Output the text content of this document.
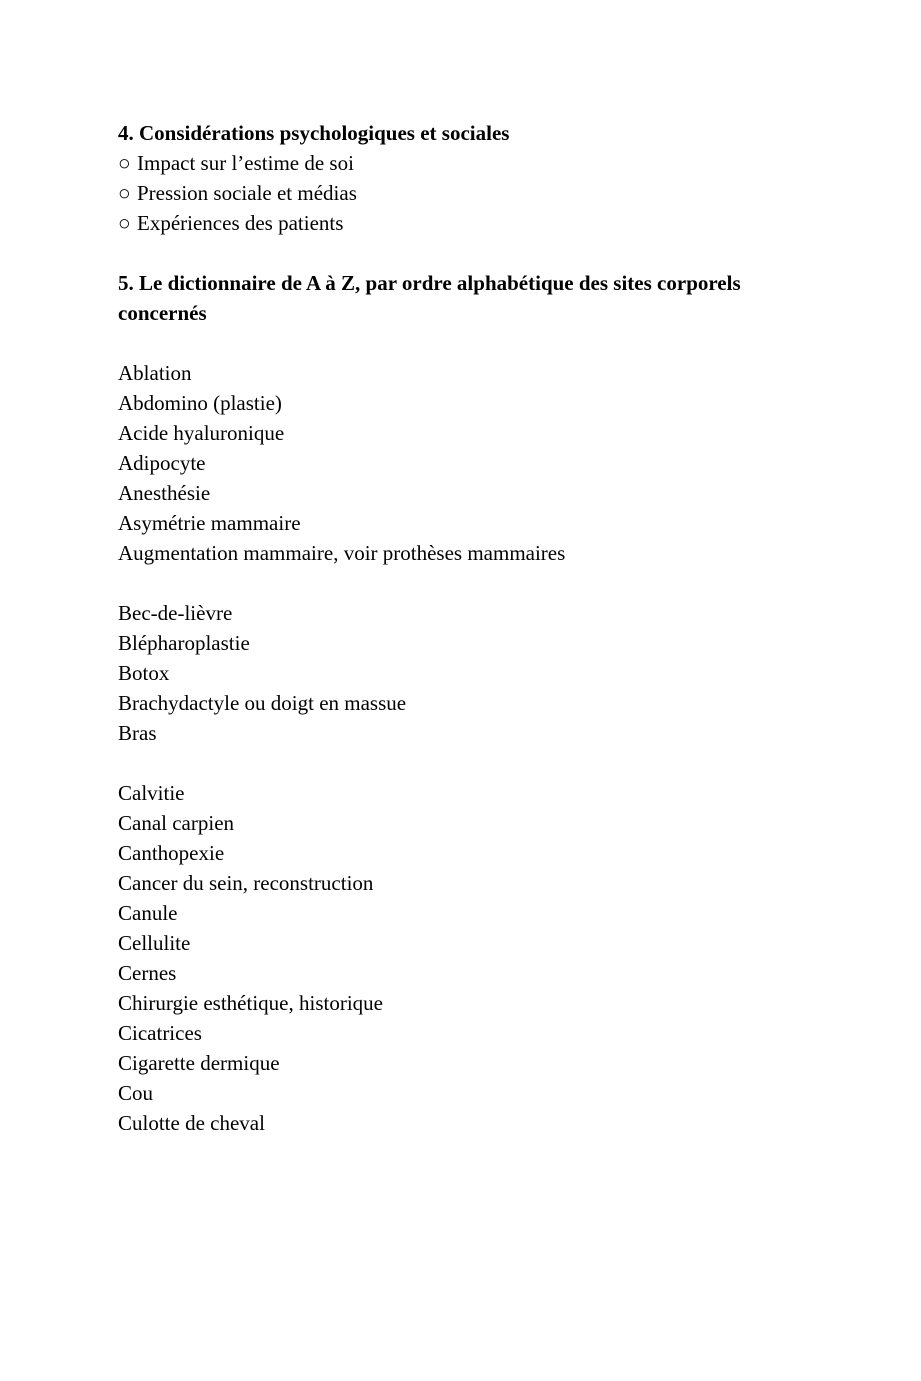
4. Considérations psychologiques et sociales

○ Impact sur l’estime de soi
○ Pression sociale et médias
○ Expériences des patients

5. Le dictionnaire de A à Z, par ordre alphabétique des sites corporels
concernés

Ablation
Abdomino (plastie)
Acide hyaluronique
Adipocyte
Anesthésie
Asymétrie mammaire
Augmentation mammaire, voir prothèses mammaires
Bec-de-lièvre
Blépharoplastie
Botox
Brachydactyle ou doigt en massue
Bras
Calvitie
Canal carpien
Canthopexie
Cancer du sein, reconstruction
Canule
Cellulite
Cernes
Chirurgie esthétique, historique
Cicatrices
Cigarette dermique
Cou
Culotte de cheval
